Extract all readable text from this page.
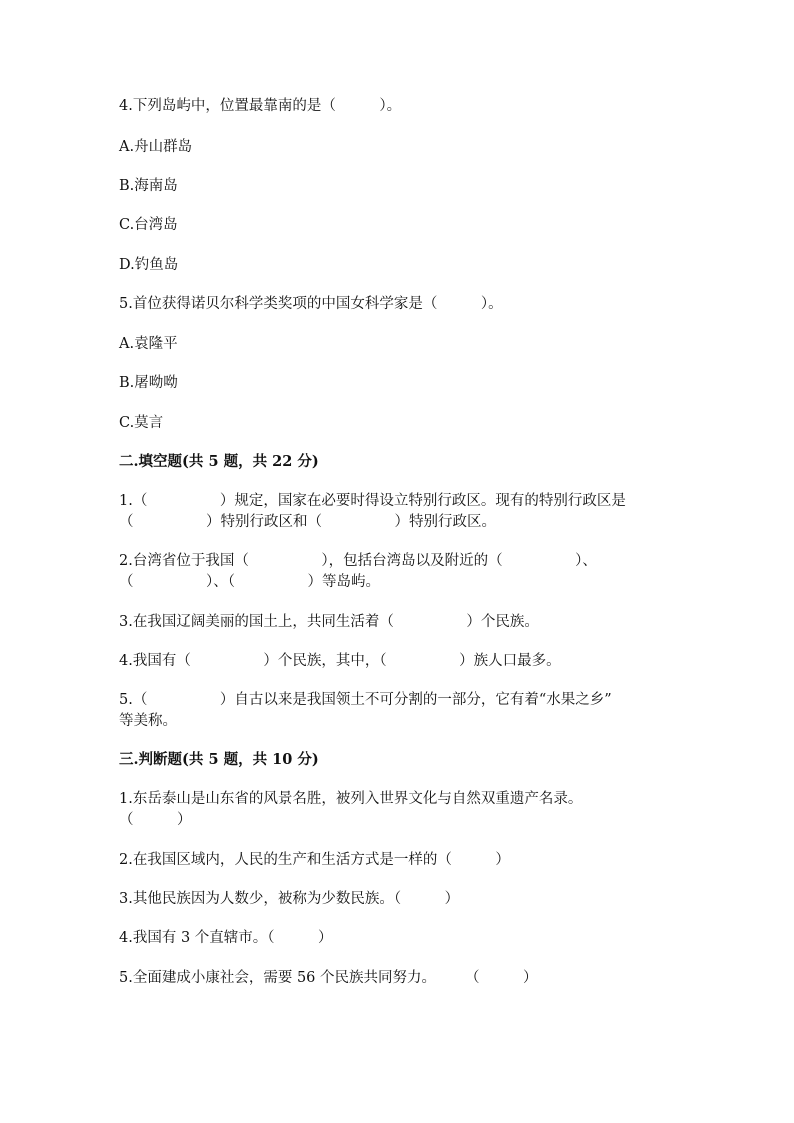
4.下列岛屿中，位置最靠南的是（　　　）。
A.舟山群岛
B.海南岛
C.台湾岛
D.钓鱼岛
5.首位获得诺贝尔科学类奖项的中国女科学家是（　　　）。
A.袁隆平
B.屠呦呦
C.莫言
二.填空题(共 5 题，共 22 分)
1.（　　　　　）规定，国家在必要时得设立特别行政区。现有的特别行政区是
（　　　　　）特别行政区和（　　　　　）特别行政区。
2.台湾省位于我国（　　　　　），包括台湾岛以及附近的（　　　　　）、
（　　　　　）、（　　　　　）等岛屿。
3.在我国辽阔美丽的国土上，共同生活着（　　　　　）个民族。
4.我国有（　　　　　）个民族，其中，（　　　　　）族人口最多。
5.（　　　　　）自古以来是我国领土不可分割的一部分，它有着“水果之乡”
等美称。
三.判断题(共 5 题，共 10 分)
1.东岳泰山是山东省的风景名胜，被列入世界文化与自然双重遗产名录。
（　　　）
2.在我国区域内，人民的生产和生活方式是一样的（　　　）
3.其他民族因为人数少，被称为少数民族。（　　　）
4.我国有 3 个直辖市。（　　　）
5.全面建成小康社会，需要 56 个民族共同努力。　　　（　　　）
